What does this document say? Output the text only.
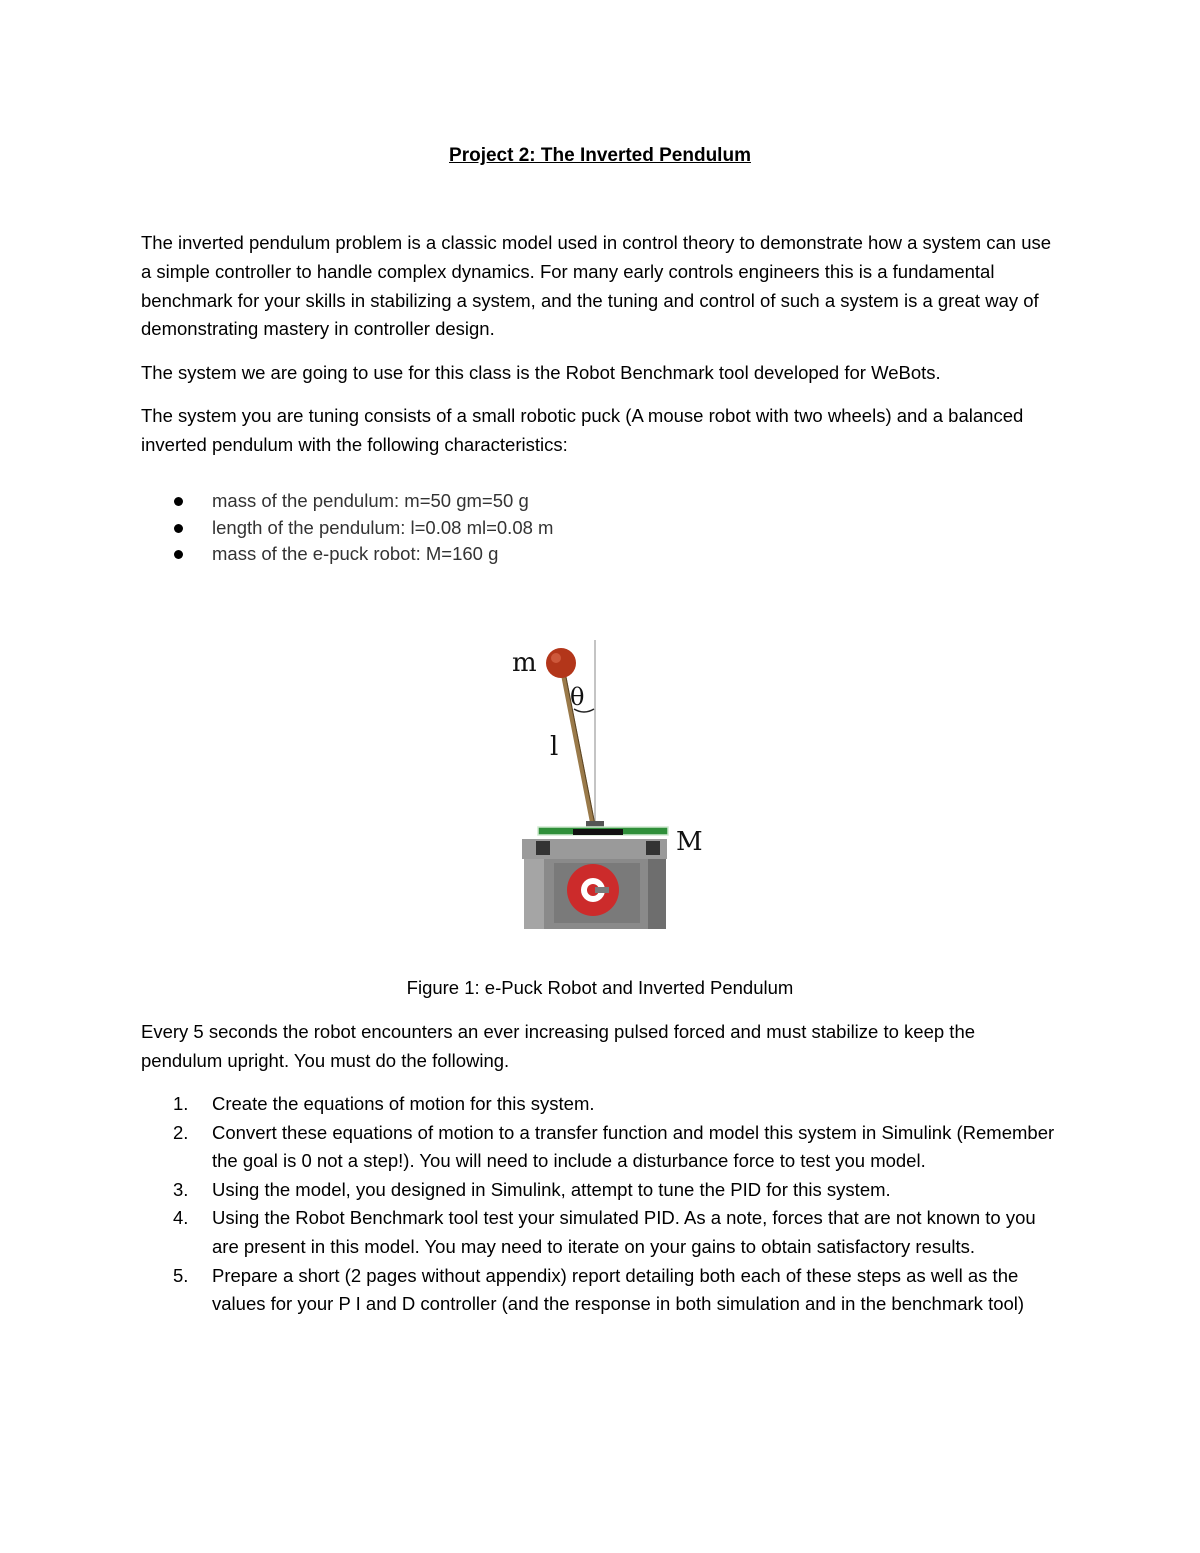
Project 2: The Inverted Pendulum

The inverted pendulum problem is a classic model used in control theory to demonstrate how a system can use a simple controller to handle complex dynamics. For many early controls engineers this is a fundamental benchmark for your skills in stabilizing a system, and the tuning and control of such a system is a great way of demonstrating mastery in controller design.

The system we are going to use for this class is the Robot Benchmark tool developed for WeBots.

The system you are tuning consists of a small robotic puck (A mouse robot with two wheels) and a balanced inverted pendulum with the following characteristics:

mass of the pendulum: m=50 gm=50 g
length of the pendulum: l=0.08 ml=0.08 m
mass of the e-puck robot: M=160 g
m
θ
l
M
Figure 1: e-Puck Robot and Inverted Pendulum

Every 5 seconds the robot encounters an ever increasing pulsed forced and must stabilize to keep the pendulum upright. You must do the following.

1. Create the equations of motion for this system.
2. Convert these equations of motion to a transfer function and model this system in Simulink (Remember the goal is 0 not a step!). You will need to include a disturbance force to test you model.
3. Using the model, you designed in Simulink, attempt to tune the PID for this system.
4. Using the Robot Benchmark tool test your simulated PID. As a note, forces that are not known to you are present in this model. You may need to iterate on your gains to obtain satisfactory results.
5. Prepare a short (2 pages without appendix) report detailing both each of these steps as well as the values for your P I and D controller (and the response in both simulation and in the benchmark tool)
